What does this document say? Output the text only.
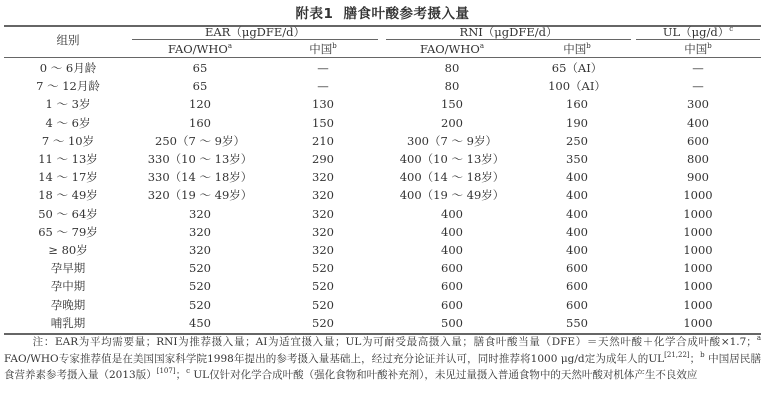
附表1 膳食叶酸参考摄入量
组别
EAR（μgDFE/d）	RNI（μgDFE/d）	$UL(\mu g/d)^c$
FAO/WHO$^a$	中国$^b$	FAO/WHO$^a$	中国$^b$	中国$^b$
0 ～ 6月龄	65	—	80	65（AI）	—
7 ～ 12月龄	65	—	80	100（AI）	—
1 ～ 3岁	120	130	150	160	300
4 ～ 6岁	160	150	200	190	400
7 ～ 10岁	250（7 ～ 9岁）	210	300（7 ～ 9岁）	250	600
11 ～ 13岁	330（10 ～ 13岁）	290	400（10 ～ 13岁）	350	800
14 ～ 17岁	330（14 ～ 18岁）	320	400（14 ～ 18岁）	400	900
18 ～ 49岁	320（19 ～ 49岁）	320	400（19 ～ 49岁）	400	1000
50 ～ 64岁	320	320	400	400	1000
65 ～ 79岁	320	320	400	400	1000
≥ 80岁	320	320	400	400	1000
孕早期	520	520	600	600	1000
孕中期	520	520	600	600	1000
孕晚期	520	520	600	600	1000
哺乳期	450	520	500	550	1000
注：EAR为平均需要量；RNI为推荐摄入量；AI为适宜摄入量；UL为可耐受最高摄入量；膳食叶酸当量（DFE）＝天然叶酸＋化学合成叶酸×1.7；$^a$ FAO/WHO专家推荐值是在美国国家科学院1998年提出的参考摄入量基础上，经过充分论证并认可，同时推荐将1000 μg/d定为成年人的UL[21,22]；$^b$ 中国居民膳食营养素参考摄入量（2013版）[107]；$^c$ UL仅针对化学合成叶酸（强化食物和叶酸补充剂），未见过量摄入普通食物中的天然叶酸对机体产生不良效应
